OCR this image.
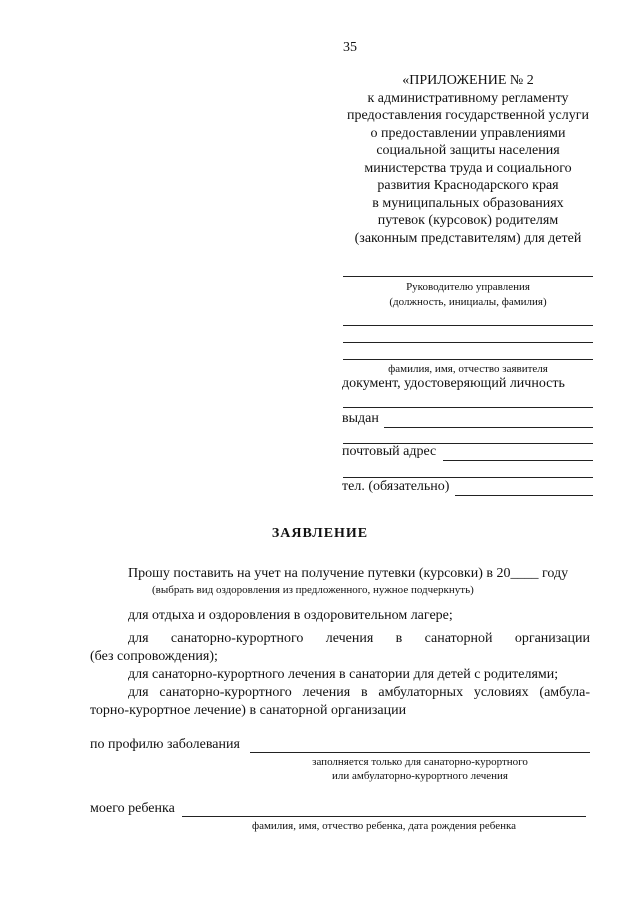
35
«ПРИЛОЖЕНИЕ № 2
к административному регламенту
предоставления государственной услуги
о предоставлении управлениями
социальной защиты населения
министерства труда и социального
развития Краснодарского края
в муниципальных образованиях
путевок (курсовок) родителям
(законным представителям) для детей
Руководителю управления
(должность, инициалы, фамилия)
фамилия, имя, отчество заявителя
документ, удостоверяющий личность
выдан
почтовый адрес
тел. (обязательно)
ЗАЯВЛЕНИЕ
Прошу поставить на учет на получение путевки (курсовки) в 20____ году
(выбрать вид оздоровления из предложенного, нужное подчеркнуть)
для отдыха и оздоровления в оздоровительном лагере;
для санаторно-курортного лечения в санаторной организации
(без сопровождения);
для санаторно-курортного лечения в санатории для детей с родителями;
для санаторно-курортного лечения в амбулаторных условиях (амбула-
торно-курортное лечение) в санаторной организации
по профилю заболевания
заполняется только для санаторно-курортного
или амбулаторно-курортного лечения
моего ребенка
фамилия, имя, отчество ребенка, дата рождения ребенка
